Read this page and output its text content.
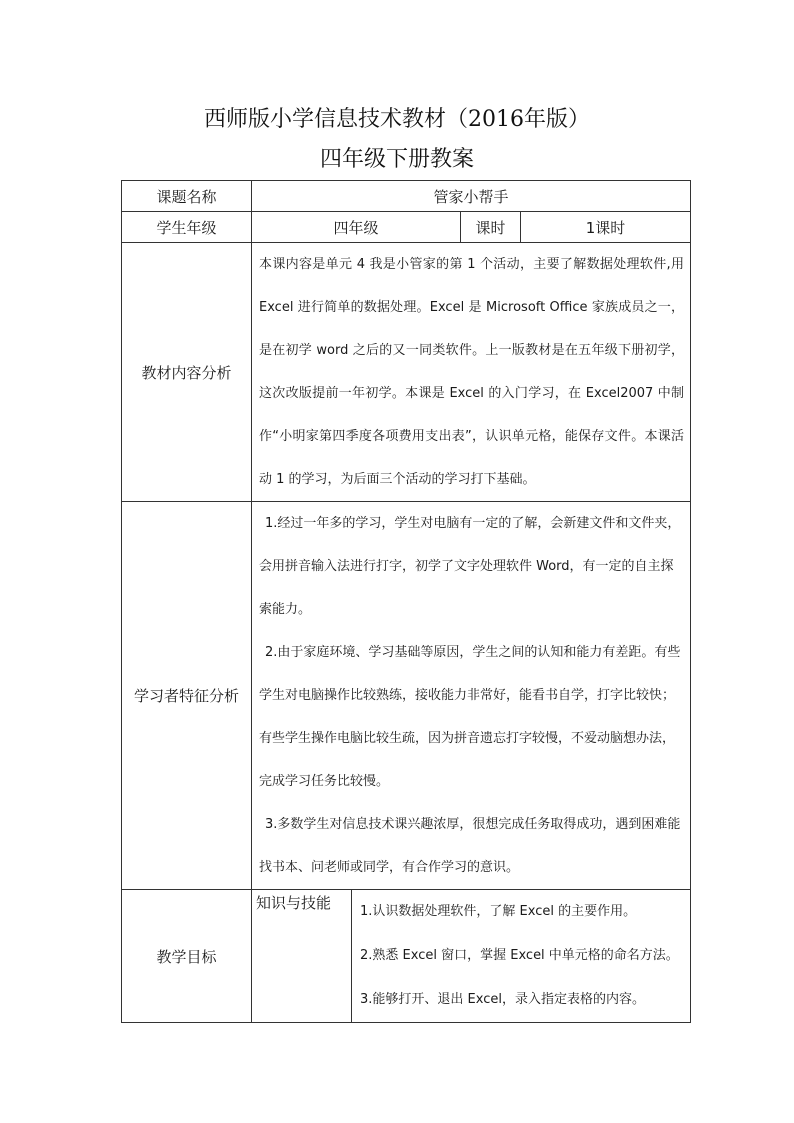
西师版小学信息技术教材（2016年版）
四年级下册教案
课题名称	管家小帮手			
学生年级	四年级		课时	1课时
教材内容分析	本课内容是单元 4 我是小管家的第 1 个活动，主要了解数据处理软件,用 Excel 进行简单的数据处理。Excel 是 Microsoft Office 家族成员之一，是在初学 word 之后的又一同类软件。上一版教材是在五年级下册初学，这次改版提前一年初学。本课是 Excel 的入门学习，在 Excel2007 中制作“小明家第四季度各项费用支出表”，认识单元格，能保存文件。本课活动 1 的学习，为后面三个活动的学习打下基础。			

学习者特征分析	1.经过一年多的学习，学生对电脑有一定的了解，会新建文件和文件夹，会用拼音输入法进行打字，初学了文字处理软件 Word，有一定的自主探索能力。

2.由于家庭环境、学习基础等原因，学生之间的认知和能力有差距。有些学生对电脑操作比较熟练，接收能力非常好，能看书自学，打字比较快；有些学生操作电脑比较生疏，因为拼音遗忘打字较慢，不爱动脑想办法，完成学习任务比较慢。

3.多数学生对信息技术课兴趣浓厚，很想完成任务取得成功，遇到困难能找书本、问老师或同学，有合作学习的意识。			

教学目标	知识与技能	1.认识数据处理软件，了解 Excel 的主要作用。
2.熟悉 Excel 窗口，掌握 Excel 中单元格的命名方法。
3.能够打开、退出 Excel，录入指定表格的内容。		
